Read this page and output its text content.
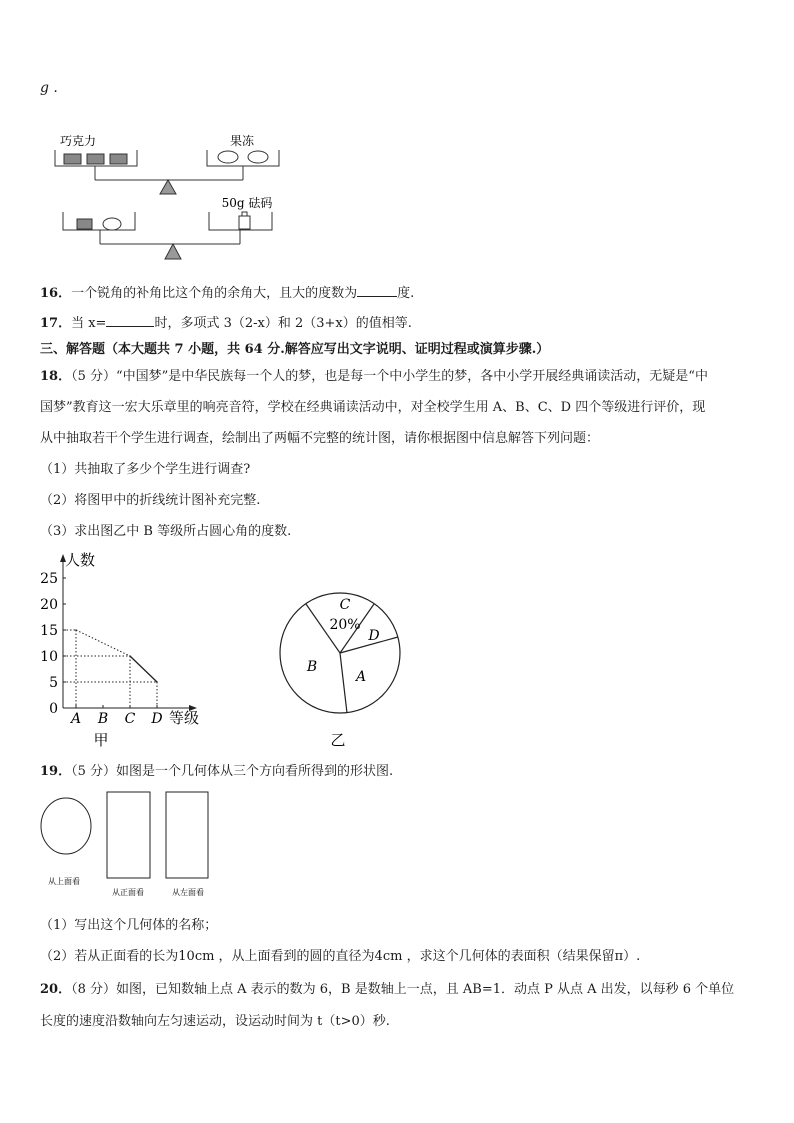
g .
巧克力	果冻
50g 砝码
16．一个锐角的补角比这个角的余角大，且大的度数为	度.
17．当 x=	时，多项式 3（2-x）和 2（3+x）的值相等.
三、解答题（本大题共 7 小题，共 64 分.解答应写出文字说明、证明过程或演算步骤.）
18．（5 分）“中国梦”是中华民族每一个人的梦，也是每一个中小学生的梦，各中小学开展经典诵读活动，无疑是“中
国梦”教育这一宏大乐章里的响亮音符，学校在经典诵读活动中，对全校学生用 A、B、C、D 四个等级进行评价，现
从中抽取若干个学生进行调查，绘制出了两幅不完整的统计图，请你根据图中信息解答下列问题：
（1）共抽取了多少个学生进行调查?
（2）将图甲中的折线统计图补充完整.
（3）求出图乙中 B 等级所占圆心角的度数.
0
5
10
15
20
25
A B C D
人数
等级
甲
C
20%
D
A
B
乙
19．（5 分）如图是一个几何体从三个方向看所得到的形状图.
从上面看
从正面看	从左面看
（1）写出这个几何体的名称；
（2）若从正面看的长为10cm ，从上面看到的圆的直径为4cm ，求这个几何体的表面积（结果保留π）.
20．（8 分）如图，已知数轴上点 A 表示的数为 6，B 是数轴上一点，且 AB=1．动点 P 从点 A 出发，以每秒 6 个单位
长度的速度沿数轴向左匀速运动，设运动时间为 t（t>0）秒.
